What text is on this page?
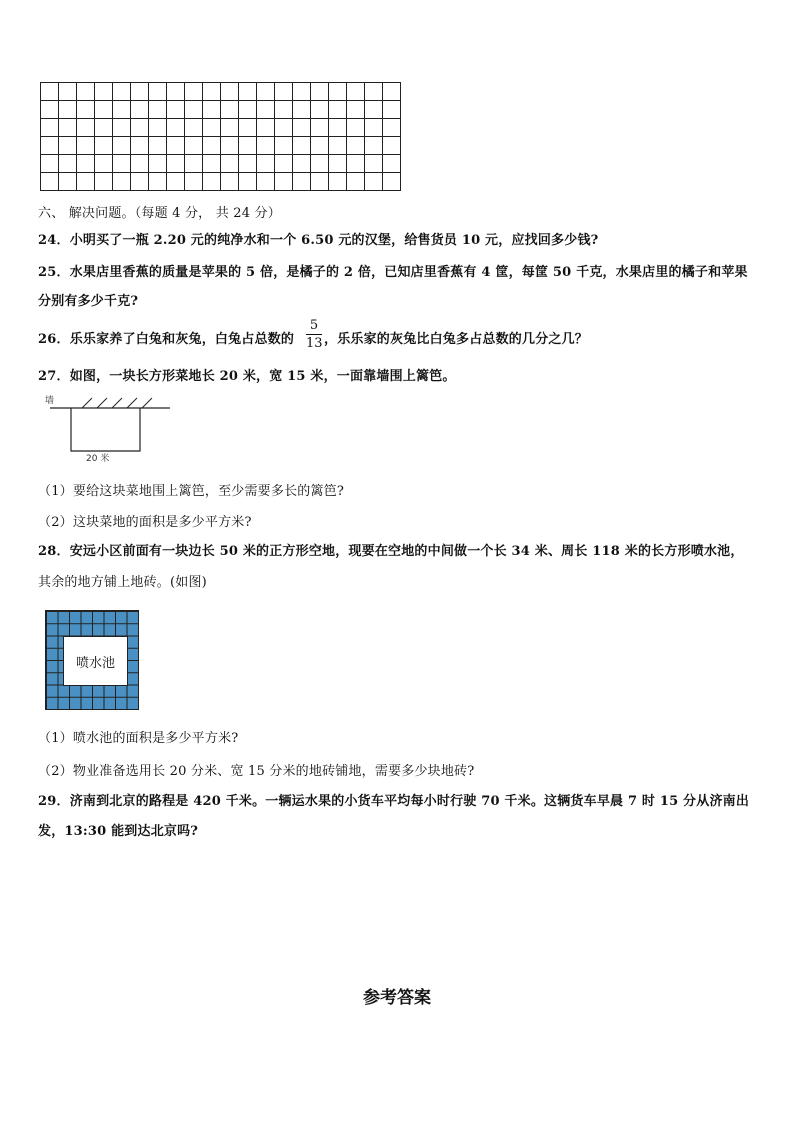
六、 解决问题。（每题 4 分， 共 24 分）
24．小明买了一瓶 2.20 元的纯净水和一个 6.50 元的汉堡，给售货员 10 元，应找回多少钱?
25．水果店里香蕉的质量是苹果的 5 倍，是橘子的 2 倍，已知店里香蕉有 4 筐，每筐 50 千克，水果店里的橘子和苹果
分别有多少千克?
26．乐乐家养了白兔和灰兔，白兔占总数的
5
13 ，乐乐家的灰兔比白兔多占总数的几分之几？
27．如图，一块长方形菜地长 20 米，宽 15 米，一面靠墙围上篱笆。
墙
20 米
（1）要给这块菜地围上篱笆，至少需要多长的篱笆?
（2）这块菜地的面积是多少平方米?
28．安远小区前面有一块边长 50 米的正方形空地，现要在空地的中间做一个长 34 米、周长 118 米的长方形喷水池，
其余的地方铺上地砖。(如图)
喷水池
（1）喷水池的面积是多少平方米?
（2）物业准备选用长 20 分米、宽 15 分米的地砖铺地，需要多少块地砖?
29．济南到北京的路程是 420 千米。一辆运水果的小货车平均每小时行驶 70 千米。这辆货车早晨 7 时 15 分从济南出
发，13:30 能到达北京吗?
参考答案
